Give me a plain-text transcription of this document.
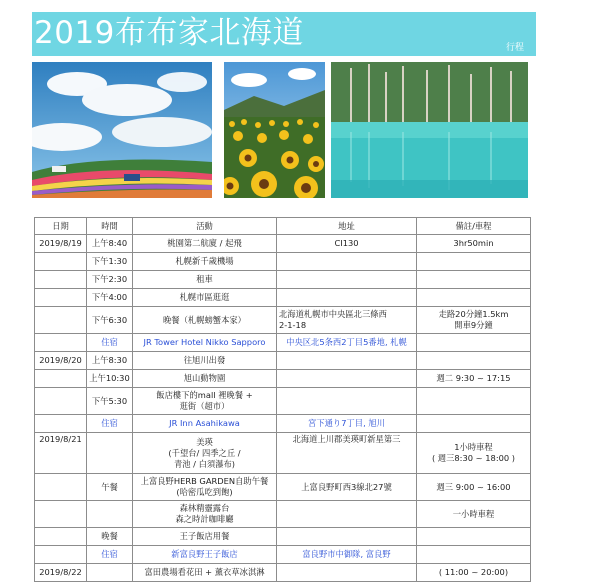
2019布布家北海道	行程
日期	時間	活動	地址	備註/車程
2019/8/19	上午8:40	桃園第二航廈 / 起飛	CI130	3hr50min
	下午1:30	札幌新千歲機場		
	下午2:30	租車		
	下午4:00	札幌市區逛逛		
	下午6:30	晚餐（札幌螃蟹本家）	北海道札幌市中央區北三條西
2-1-18	走路20分鐘1.5km
開車9分鐘
	住宿	JR Tower Hotel Nikko Sapporo	中央区北5条西2丁目5番地, 札幌	
2019/8/20	上午8:30	往旭川出發		
	上午10:30	旭山動物園		週二 9:30 ~ 17:15
	下午5:30	飯店樓下的mall 裡晚餐 +
逛街（超市）		
	住宿	JR Inn Asahikawa	宮下通り7丁目, 旭川	
2019/8/21		美瑛
(千望台/ 四季之丘 /
青池 / 白須瀑布)	北海道上川郡美瑛町新星第三	1小時車程
( 週三8:30 ~ 18:00 )
	午餐	上富良野HERB GARDEN自助午餐
(哈密瓜吃到飽)	上富良野町西3線北27號	週三 9:00 ~ 16:00
		森林精靈露台
森之時計咖啡廳		一小時車程
	晚餐	王子飯店用餐		
	住宿	新富良野王子飯店	富良野市中御隊, 富良野	
2019/8/22		富田農場看花田 + 薰衣草冰淇淋		( 11:00 ~ 20:00)
